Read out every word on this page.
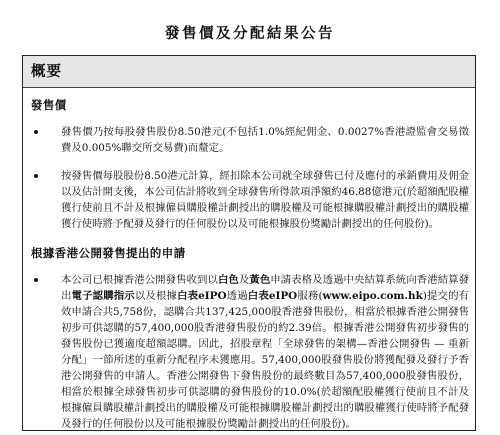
發售價及分配結果公告
概要
發售價
發售價乃按每股發售股份8.50港元(不包括1.0%經紀佣金、0.0027%香港證監會交易徵費及0.005%聯交所交易費)而釐定。
按發售價每股股份8.50港元計算，經扣除本公司就全球發售已付及應付的承銷費用及佣金以及估計開支後，本公司估計將收到全球發售所得款項淨額約46.88億港元(於超額配股權獲行使前且不計及根據僱員購股權計劃授出的購股權及可能根據購股權計劃授出的購股權獲行使時將予配發及發行的任何股份以及可能根據股份獎勵計劃授出的任何股份)。
根據香港公開發售提出的申請
本公司已根據香港公開發售收到以白色及黃色申請表格及透過中央結算系統向香港結算發出電子認購指示以及根據白表eIPO透過白表eIPO服務(www.eipo.com.hk)提交的有效申請合共5,758份，認購合共137,425,000股香港發售股份，相當於根據香港公開發售初步可供認購的57,400,000股香港發售股份的約2.39倍。根據香港公開發售初步發售的發售股份已獲適度超額認購。因此，招股章程「全球發售的架構—香港公開發售 — 重新分配」一節所述的重新分配程序未獲應用。57,400,000股發售股份將獲配發及發行予香港公開發售的申請人。香港公開發售下發售股份的最終數目為57,400,000股發售股份，相當於根據全球發售初步可供認購的發售股份的10.0%(於超額配股權獲行使前且不計及根據僱員購股權計劃授出的購股權及可能根據購股權計劃授出的購股權獲行使時將予配發及發行的任何股份以及可能根據股份獎勵計劃授出的任何股份)。
